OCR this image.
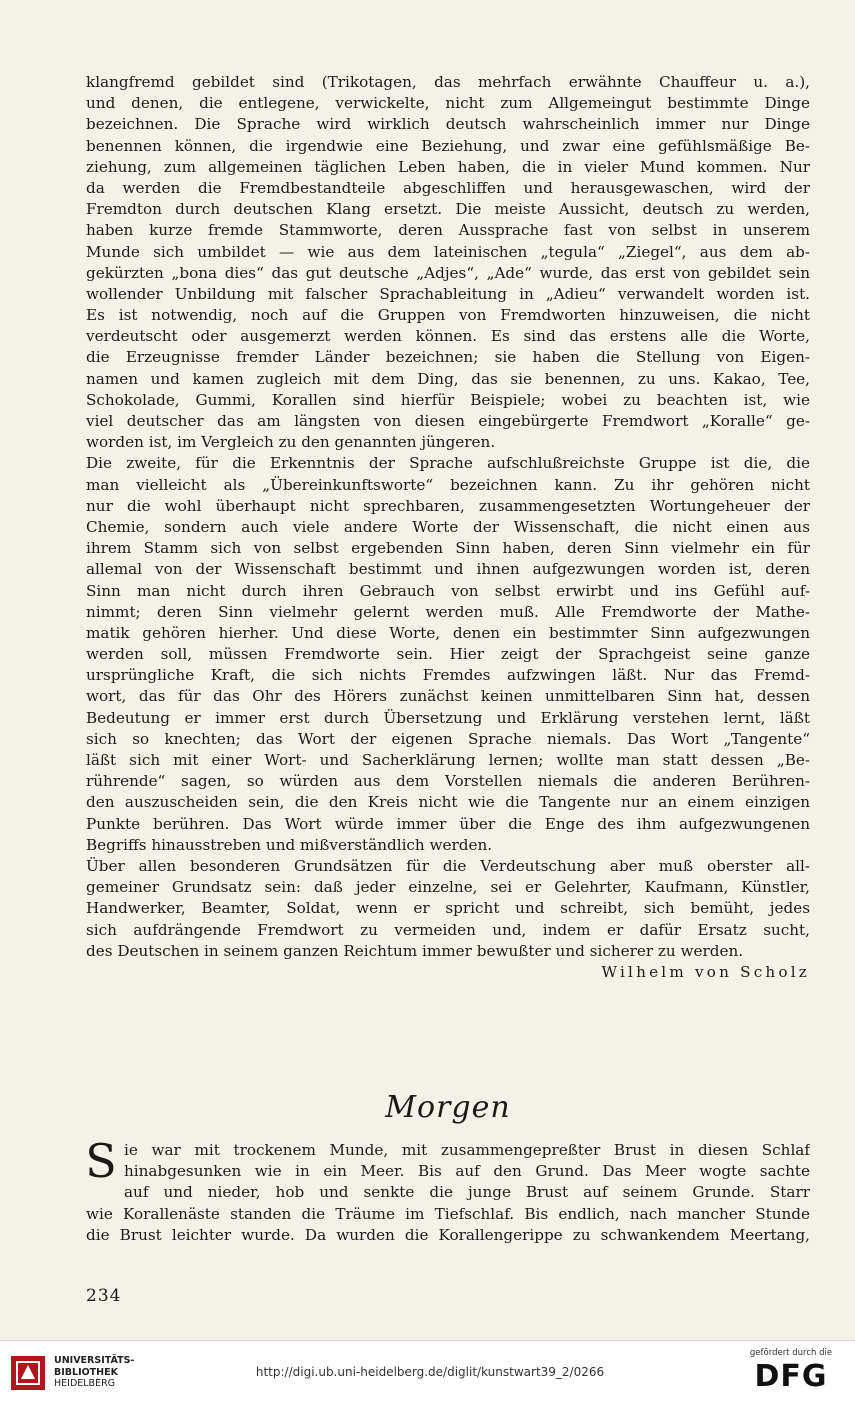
klangfremd gebildet sind (Trikotagen, das mehrfach erwähnte Chauffeur u. a.),
und denen, die entlegene, verwickelte, nicht zum Allgemeingut bestimmte Dinge
bezeichnen. Die Sprache wird wirklich deutsch wahrscheinlich immer nur Dinge
benennen können, die irgendwie eine Beziehung, und zwar eine gefühlsmäßige Be-
ziehung, zum allgemeinen täglichen Leben haben, die in vieler Mund kommen. Nur
da werden die Fremdbestandteile abgeschliffen und herausgewaschen, wird der
Fremdton durch deutschen Klang ersetzt. Die meiste Aussicht, deutsch zu werden,
haben kurze fremde Stammworte, deren Aussprache fast von selbst in unserem
Munde sich umbildet — wie aus dem lateinischen „tegula“ „Ziegel“, aus dem ab-
gekürzten „bona dies“ das gut deutsche „Adjes“, „Ade“ wurde, das erst von gebildet sein
wollender Unbildung mit falscher Sprachableitung in „Adieu“ verwandelt worden ist.
Es ist notwendig, noch auf die Gruppen von Fremdworten hinzuweisen, die nicht
verdeutscht oder ausgemerzt werden können. Es sind das erstens alle die Worte,
die Erzeugnisse fremder Länder bezeichnen; sie haben die Stellung von Eigen-
namen und kamen zugleich mit dem Ding, das sie benennen, zu uns. Kakao, Tee,
Schokolade, Gummi, Korallen sind hierfür Beispiele; wobei zu beachten ist, wie
viel deutscher das am längsten von diesen eingebürgerte Fremdwort „Koralle“ ge-
worden ist, im Vergleich zu den genannten jüngeren.
Die zweite, für die Erkenntnis der Sprache aufschlußreichste Gruppe ist die, die
man vielleicht als „Übereinkunftsworte“ bezeichnen kann. Zu ihr gehören nicht
nur die wohl überhaupt nicht sprechbaren, zusammengesetzten Wortungeheuer der
Chemie, sondern auch viele andere Worte der Wissenschaft, die nicht einen aus
ihrem Stamm sich von selbst ergebenden Sinn haben, deren Sinn vielmehr ein für
allemal von der Wissenschaft bestimmt und ihnen aufgezwungen worden ist, deren
Sinn man nicht durch ihren Gebrauch von selbst erwirbt und ins Gefühl auf-
nimmt; deren Sinn vielmehr gelernt werden muß. Alle Fremdworte der Mathe-
matik gehören hierher. Und diese Worte, denen ein bestimmter Sinn aufgezwungen
werden soll, müssen Fremdworte sein. Hier zeigt der Sprachgeist seine ganze
ursprüngliche Kraft, die sich nichts Fremdes aufzwingen läßt. Nur das Fremd-
wort, das für das Ohr des Hörers zunächst keinen unmittelbaren Sinn hat, dessen
Bedeutung er immer erst durch Übersetzung und Erklärung verstehen lernt, läßt
sich so knechten; das Wort der eigenen Sprache niemals. Das Wort „Tangente“
läßt sich mit einer Wort- und Sacherklärung lernen; wollte man statt dessen „Be-
rührende“ sagen, so würden aus dem Vorstellen niemals die anderen Berühren-
den auszuscheiden sein, die den Kreis nicht wie die Tangente nur an einem einzigen
Punkte berühren. Das Wort würde immer über die Enge des ihm aufgezwungenen
Begriffs hinausstreben und mißverständlich werden.
Über allen besonderen Grundsätzen für die Verdeutschung aber muß oberster all-
gemeiner Grundsatz sein: daß jeder einzelne, sei er Gelehrter, Kaufmann, Künstler,
Handwerker, Beamter, Soldat, wenn er spricht und schreibt, sich bemüht, jedes
sich aufdrängende Fremdwort zu vermeiden und, indem er dafür Ersatz sucht,
des Deutschen in seinem ganzen Reichtum immer bewußter und sicherer zu werden.
Wilhelm von Scholz
Morgen
S ie war mit trockenem Munde, mit zusammengepreßter Brust in diesen Schlaf
hinabgesunken wie in ein Meer. Bis auf den Grund. Das Meer wogte sachte
auf und nieder, hob und senkte die junge Brust auf seinem Grunde. Starr
wie Korallenäste standen die Träume im Tiefschlaf. Bis endlich, nach mancher Stunde
die Brust leichter wurde. Da wurden die Korallengerippe zu schwankendem Meertang,
234
UNIVERSITÄTS-
BIBLIOTHEK
HEIDELBERG
http://digi.ub.uni-heidelberg.de/diglit/kunstwart39_2/0266
gefördert durch die
DFG
